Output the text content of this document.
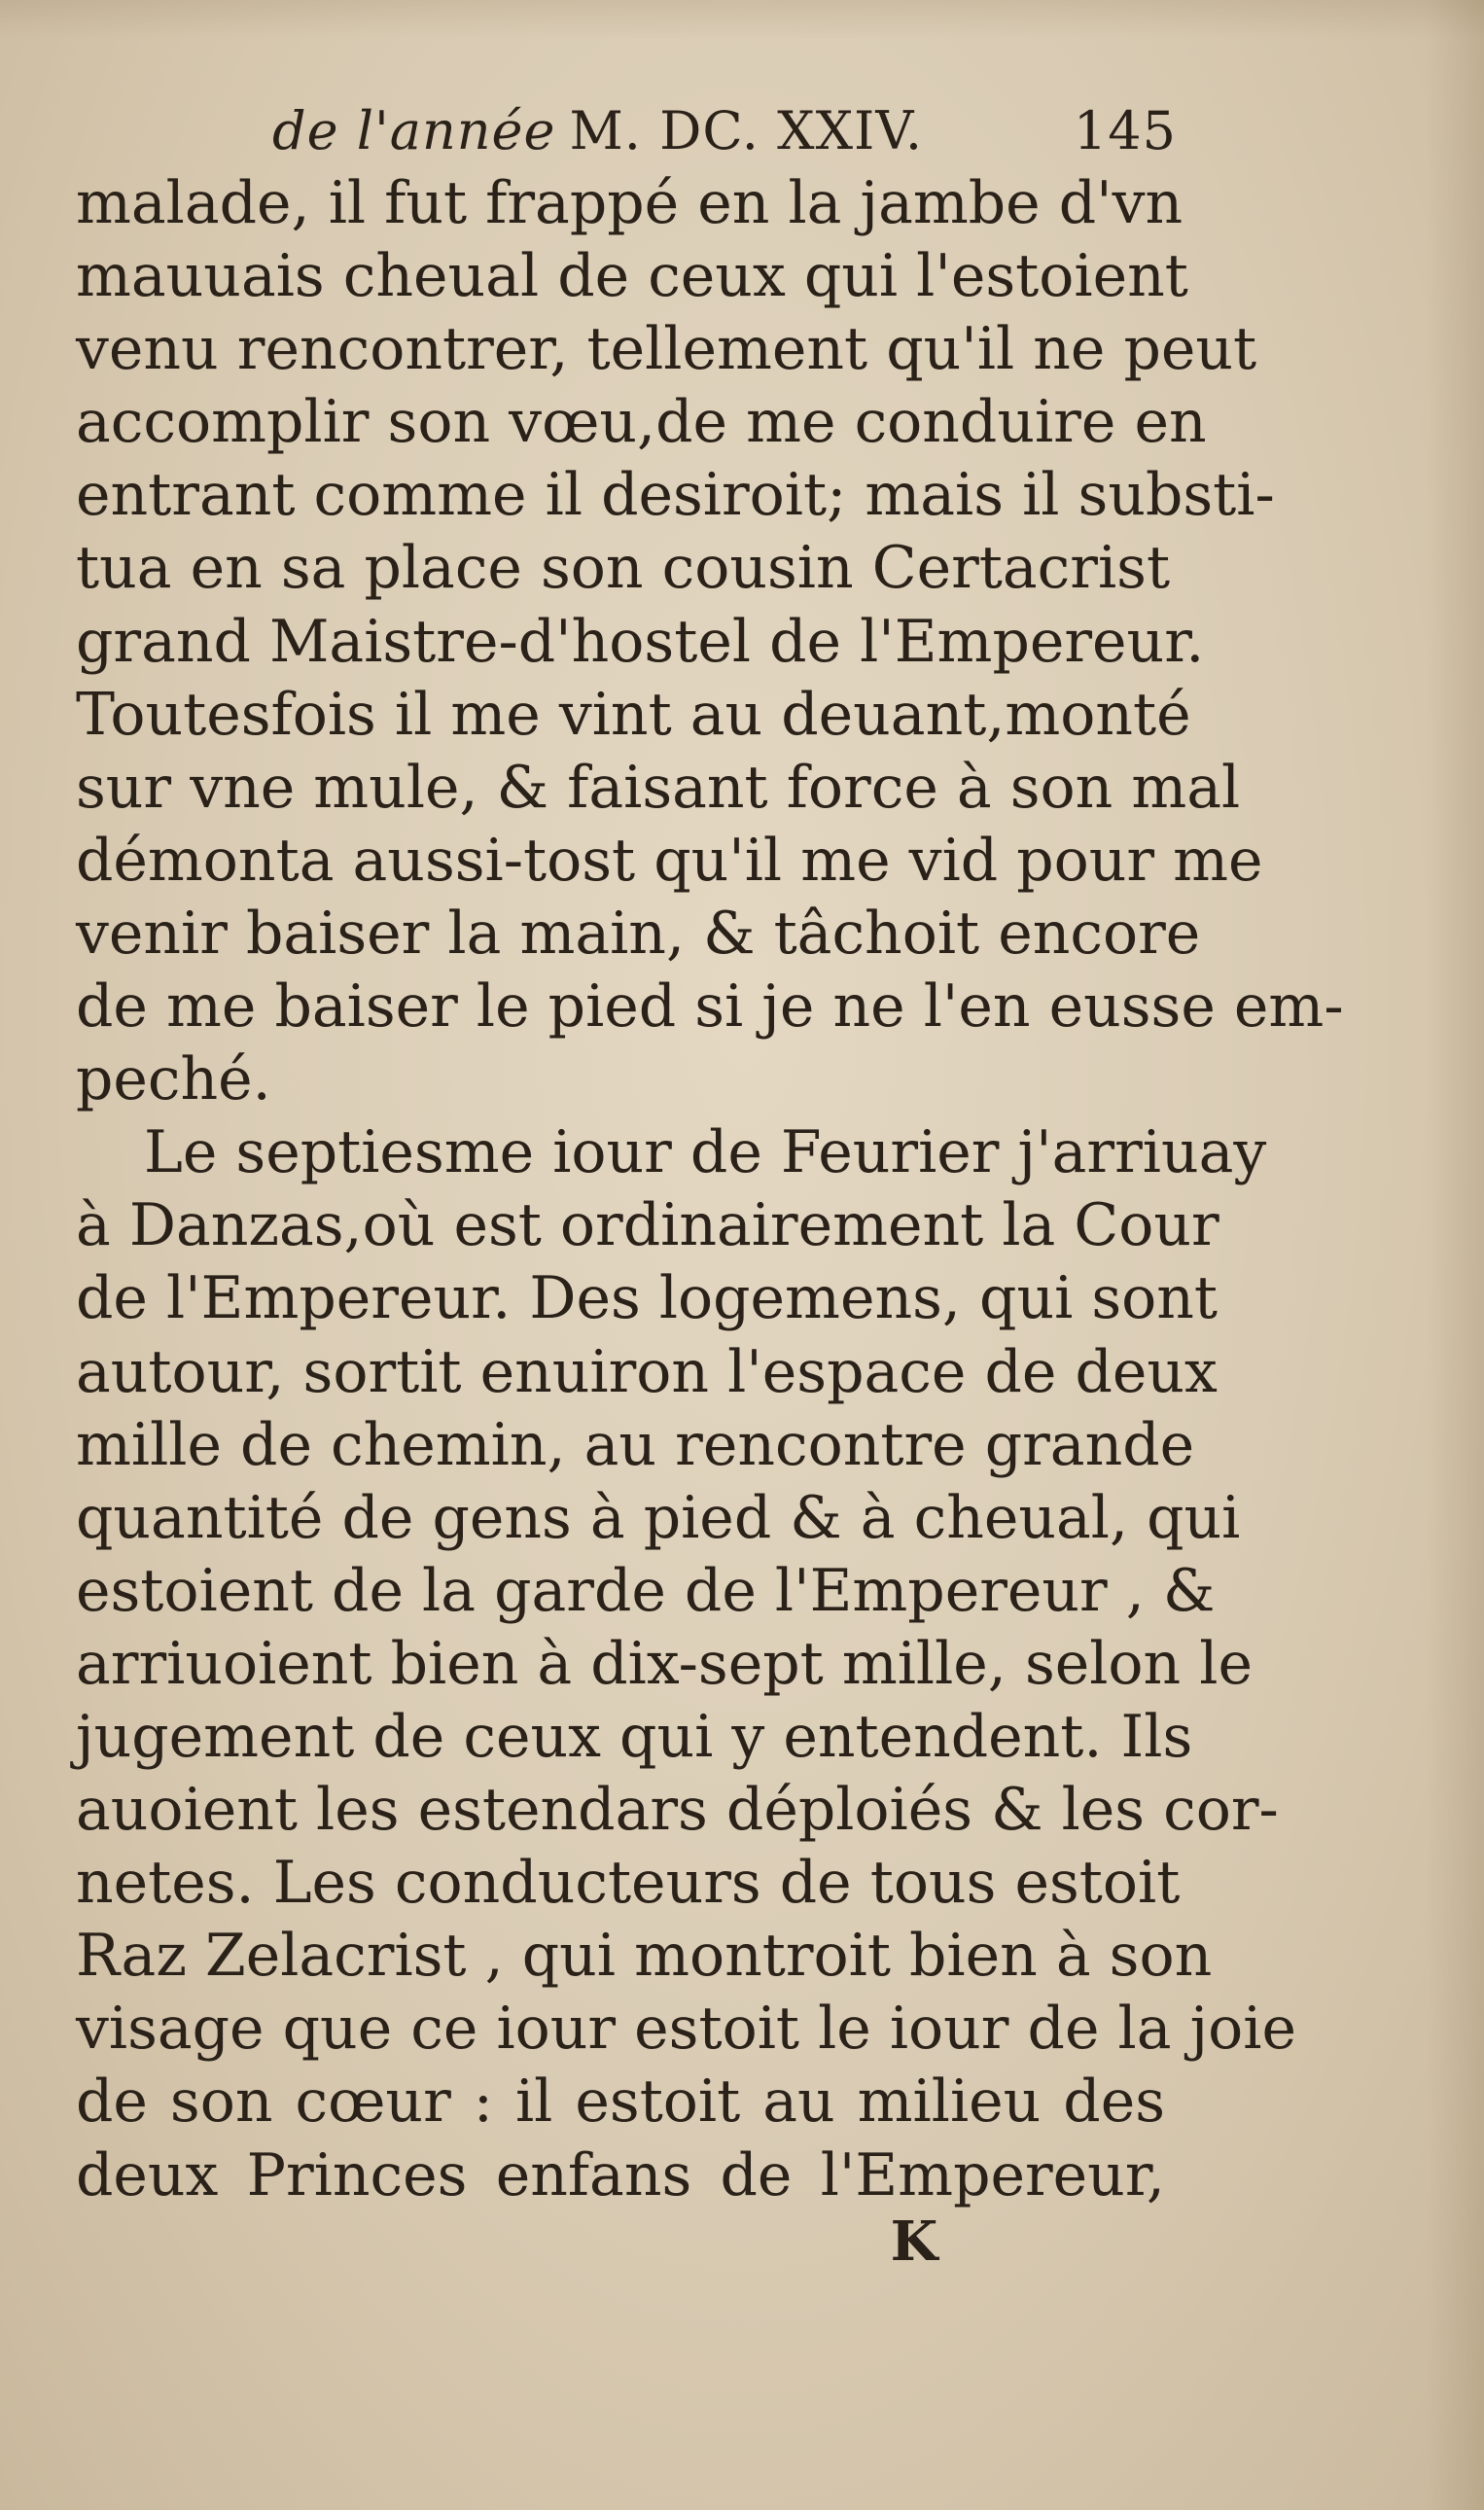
de l'année M. DC. XXIV.	145
malade, il fut frappé en la jambe d'vn
mauuais cheual de ceux qui l'estoient
venu rencontrer, tellement qu'il ne peut
accomplir son vœu,de me conduire en
entrant comme il desiroit; mais il substi-
tua en sa place son cousin Certacrist
grand Maistre-d'hostel de l'Empereur.
Toutesfois il me vint au deuant,monté
sur vne mule, & faisant force à son mal
démonta aussi-tost qu'il me vid pour me
venir baiser la main, & tâchoit encore
de me baiser le pied si je ne l'en eusse em-
peché.
Le septiesme iour de Feurier j'arriuay
à Danzas,où est ordinairement la Cour
de l'Empereur. Des logemens, qui sont
autour, sortit enuiron l'espace de deux
mille de chemin, au rencontre grande
quantité de gens à pied & à cheual, qui
estoient de la garde de l'Empereur , &
arriuoient bien à dix-sept mille, selon le
jugement de ceux qui y entendent. Ils
auoient les estendars déploiés & les cor-
netes. Les conducteurs de tous estoit
Raz Zelacrist , qui montroit bien à son
visage que ce iour estoit le iour de la joie
de son cœur : il estoit au milieu des
deux Princes enfans de l'Empereur,
K
